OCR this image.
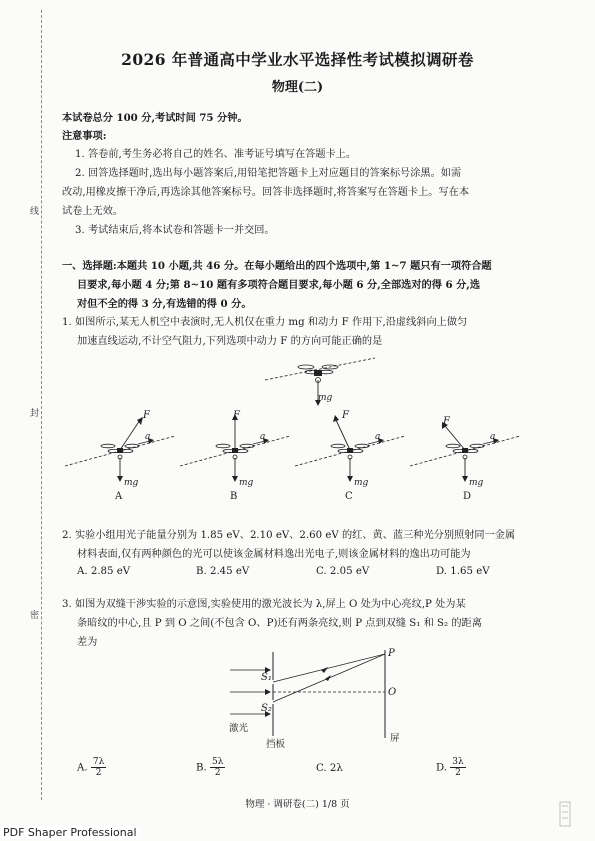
线
封
密
2026 年普通高中学业水平选择性考试模拟调研卷
物理(二)
本试卷总分 100 分,考试时间 75 分钟。
注意事项:
1. 答卷前,考生务必将自己的姓名、准考证号填写在答题卡上。
2. 回答选择题时,选出每小题答案后,用铅笔把答题卡上对应题目的答案标号涂黑。如需
改动,用橡皮擦干净后,再选涂其他答案标号。回答非选择题时,将答案写在答题卡上。写在本
试卷上无效。
3. 考试结束后,将本试卷和答题卡一并交回。
一、选择题:本题共 10 小题,共 46 分。在每小题给出的四个选项中,第 1~7 题只有一项符合题
目要求,每小题 4 分;第 8~10 题有多项符合题目要求,每小题 6 分,全部选对的得 6 分,选
对但不全的得 3 分,有选错的得 0 分。
1. 如图所示,某无人机空中表演时,无人机仅在重力 mg 和动力 F 作用下,沿虚线斜向上做匀
加速直线运动,不计空气阻力,下列选项中动力 F 的方向可能正确的是
mg
F
a
mg
A
F
a
mg
B
F
a
mg
C
F
a
mg
D
2. 实验小组用光子能量分别为 1.85 eV、2.10 eV、2.60 eV 的红、黄、蓝三种光分别照射同一金属
材料表面,仅有两种颜色的光可以使该金属材料逸出光电子,则该金属材料的逸出功可能为
A. 2.85 eV	B. 2.45 eV	C. 2.05 eV	D. 1.65 eV
3. 如图为双缝干涉实验的示意图,实验使用的激光波长为 λ,屏上 O 处为中心亮纹,P 处为某
条暗纹的中心,且 P 到 O 之间(不包含 O、P)还有两条亮纹,则 P 点到双缝 S₁ 和 S₂ 的距离
差为
P
O
S₁
S₂
激光
挡板
屏
A. $\frac{7\lambda}{2}$	B. $\frac{5\lambda}{2}$	C. 2λ	D. $\frac{3\lambda}{2}$
物理 · 调研卷(二) 1/8 页
PDF Shaper Professional
